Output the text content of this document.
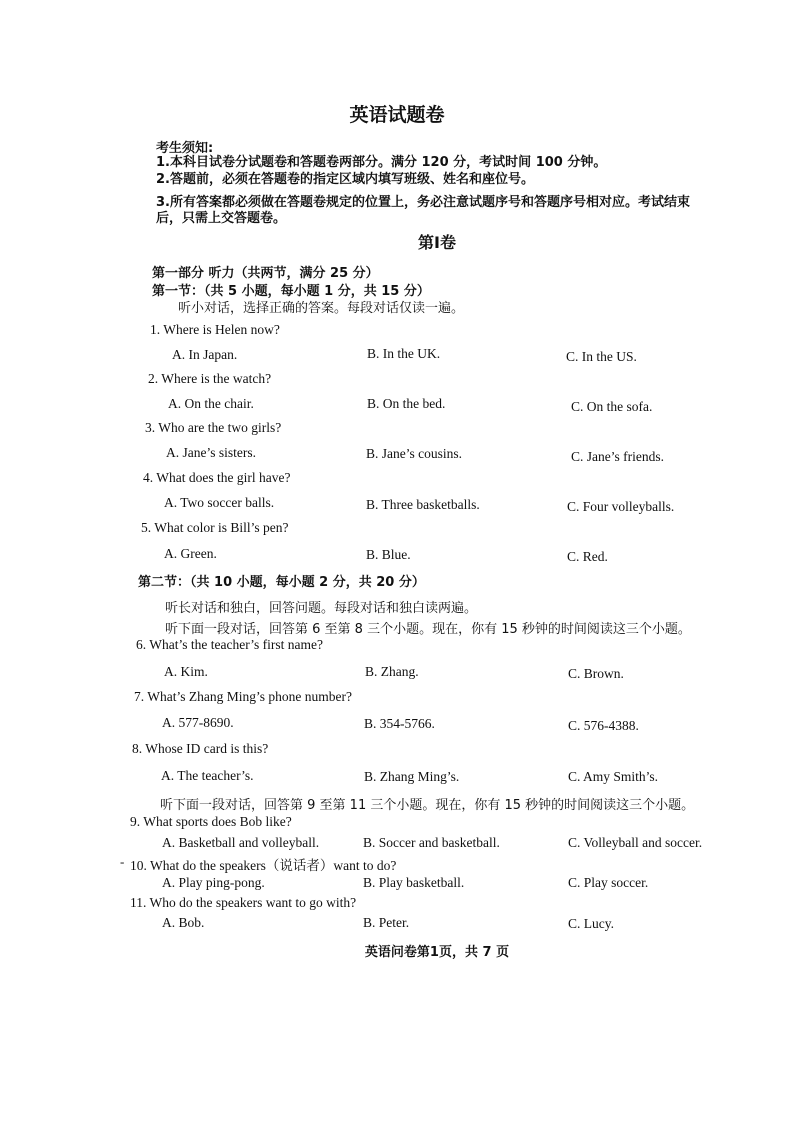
英语试题卷
考生须知:
1.本科目试卷分试题卷和答题卷两部分。满分 120 分，考试时间 100 分钟。
2.答题前，必须在答题卷的指定区域内填写班级、姓名和座位号。
3.所有答案都必须做在答题卷规定的位置上，务必注意试题序号和答题序号相对应。考试结束
后，只需上交答题卷。
第I卷
第一部分 听力（共两节，满分 25 分）
第一节：（共 5 小题，每小题 1 分，共 15 分）
听小对话，选择正确的答案。每段对话仅读一遍。
1. Where is Helen now?
A. In Japan.	B. In the UK.	C. In the US.
2. Where is the watch?
A. On the chair.	B. On the bed.	C. On the sofa.
3. Who are the two girls?
A. Jane’s sisters.	B. Jane’s cousins.	C. Jane’s friends.
4. What does the girl have?
A. Two soccer balls.	B. Three basketballs.	C. Four volleyballs.
5. What color is Bill’s pen?
A. Green.	B. Blue.	C. Red.
第二节：（共 10 小题，每小题 2 分，共 20 分）
听长对话和独白，回答问题。每段对话和独白读两遍。
听下面一段对话，回答第 6 至第 8 三个小题。现在，你有 15 秒钟的时间阅读这三个小题。
6. What’s the teacher’s first name?
A. Kim.	B. Zhang.	C. Brown.
7. What’s Zhang Ming’s phone number?
A. 577-8690.	B. 354-5766.	C. 576-4388.
8. Whose ID card is this?
A. The teacher’s.	B. Zhang Ming’s.	C. Amy Smith’s.
听下面一段对话，回答第 9 至第 11 三个小题。现在，你有 15 秒钟的时间阅读这三个小题。
9. What sports does Bob like?
A. Basketball and volleyball.	B. Soccer and basketball.	C. Volleyball and soccer.
- 10. What do the speakers（说话者）want to do?
A. Play ping-pong.	B. Play basketball.	C. Play soccer.
11. Who do the speakers want to go with?
A. Bob.	B. Peter.	C. Lucy.
英语问卷第1页，共 7 页
